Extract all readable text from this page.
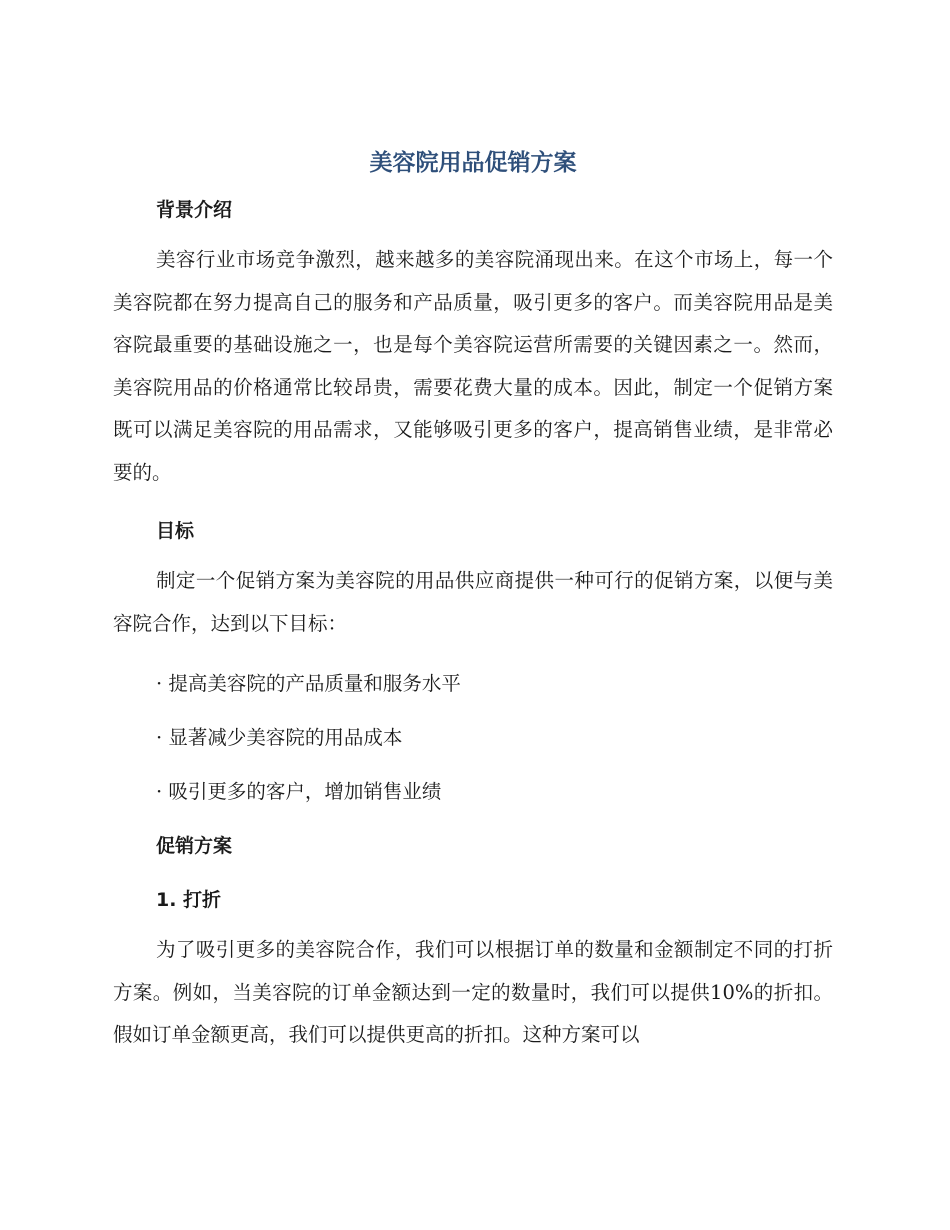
美容院用品促销方案
背景介绍

美容行业市场竞争激烈，越来越多的美容院涌现出来。在这个市场上，每一个美容院都在努力提高自己的服务和产品质量，吸引更多的客户。而美容院用品是美容院最重要的基础设施之一，也是每个美容院运营所需要的关键因素之一。然而，美容院用品的价格通常比较昂贵，需要花费大量的成本。因此，制定一个促销方案既可以满足美容院的用品需求，又能够吸引更多的客户，提高销售业绩，是非常必要的。

目标

制定一个促销方案为美容院的用品供应商提供一种可行的促销方案，以便与美容院合作，达到以下目标：

· 提高美容院的产品质量和服务水平
· 显著减少美容院的用品成本
· 吸引更多的客户，增加销售业绩
促销方案
1. 打折

为了吸引更多的美容院合作，我们可以根据订单的数量和金额制定不同的打折方案。例如，当美容院的订单金额达到一定的数量时，我们可以提供10%的折扣。假如订单金额更高，我们可以提供更高的折扣。这种方案可以
